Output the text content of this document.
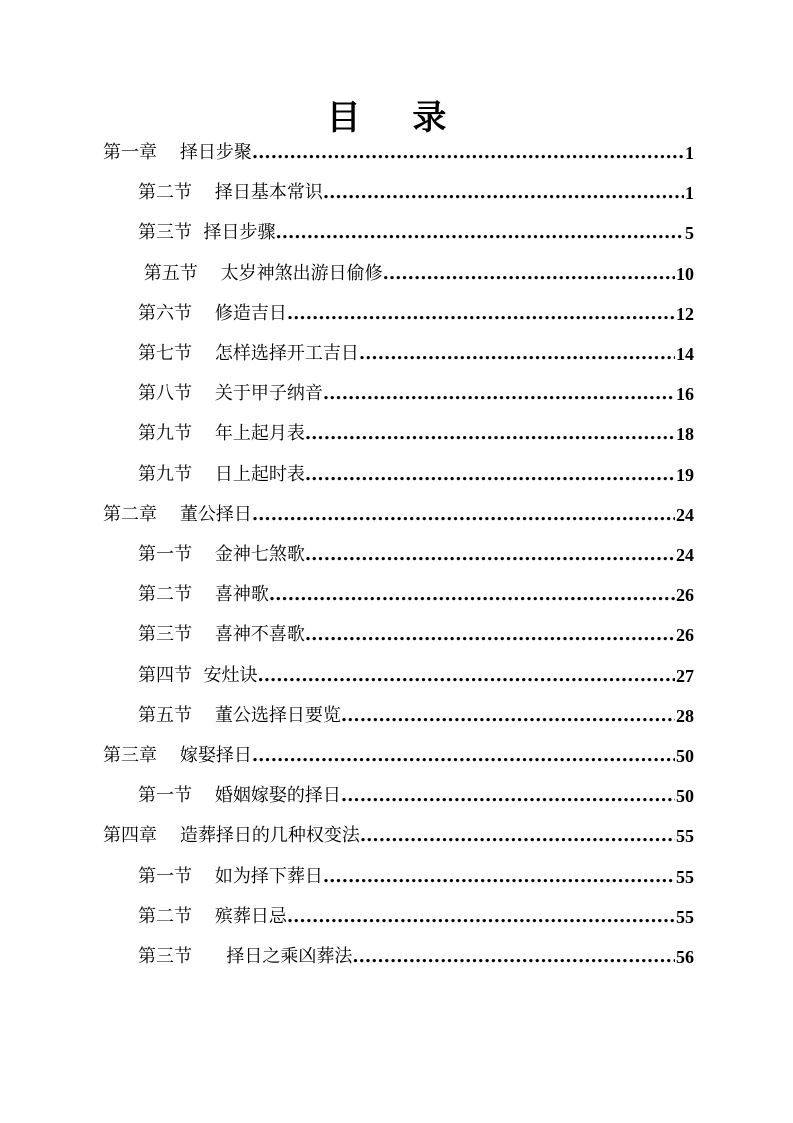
目 录
第一章    择日步聚 .....	1
第二节    择日基本常识 .....	1
第三节  择日步骤 .....	5
第五节    太岁神煞出游日偷修 .....	10
第六节    修造吉日 .....	12
第七节    怎样选择开工吉日 .....	14
第八节    关于甲子纳音 .....	16
第九节    年上起月表 .....	18
第九节    日上起时表 .....	19
第二章    董公择日 .....	24
第一节    金神七煞歌 .....	24
第二节    喜神歌 .....	26
第三节    喜神不喜歌 .....	26
第四节  安灶诀 .....	27
第五节    董公选择日要览 .....	28
第三章    嫁娶择日 .....	50
第一节    婚姻嫁娶的择日 .....	50
第四章    造葬择日的几种权变法 .....	55
第一节    如为择下葬日 .....	55
第二节    殡葬日忌 .....	55
第三节      择日之乘凶葬法 .....	56
